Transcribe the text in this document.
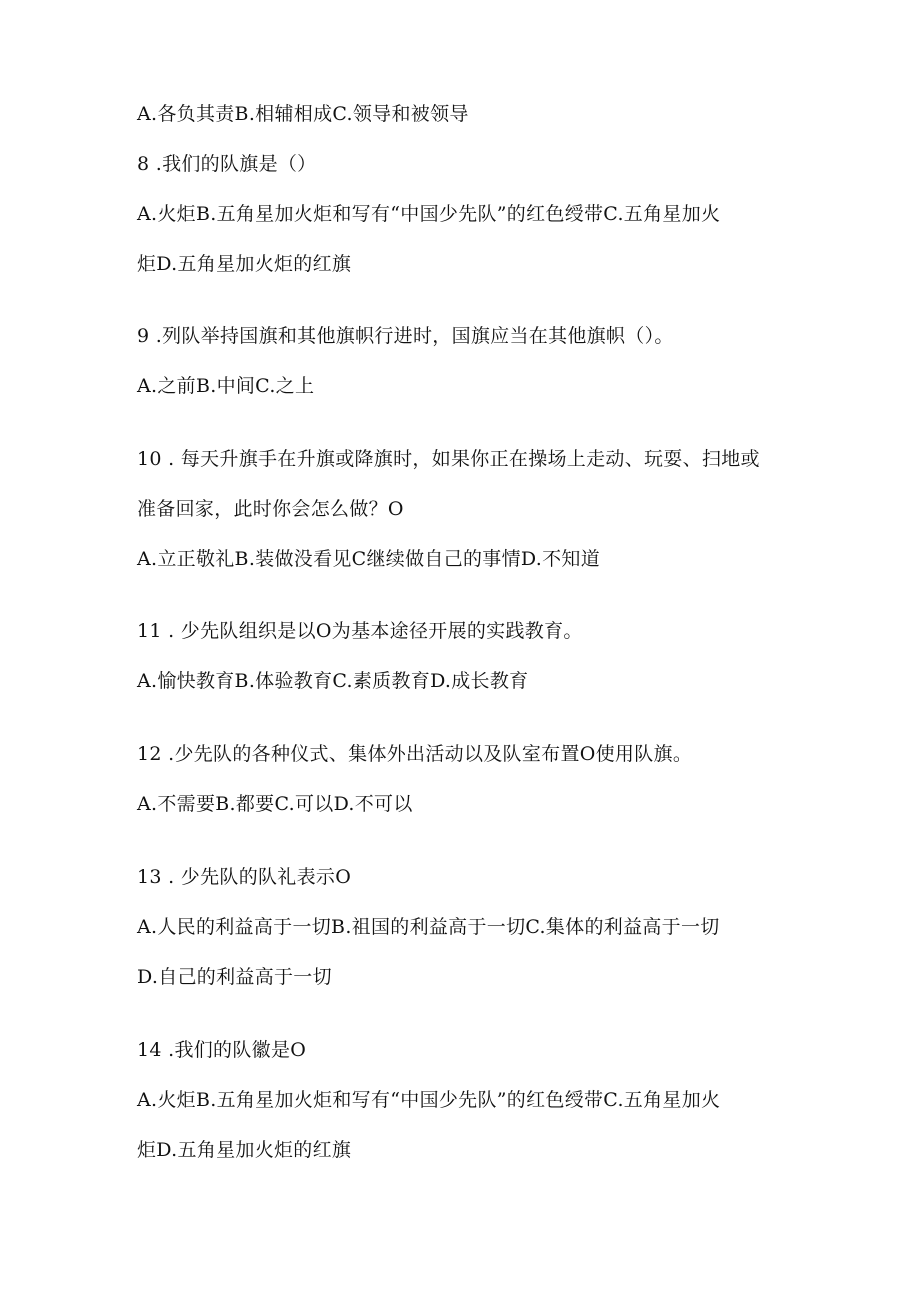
A.各负其责B.相辅相成C.领导和被领导
8 .我们的队旗是（）
A.火炬B.五角星加火炬和写有“中国少先队”的红色绶带C.五角星加火
炬D.五角星加火炬的红旗
9 .列队举持国旗和其他旗帜行进时，国旗应当在其他旗帜（）。
A.之前B.中间C.之上
10 . 每天升旗手在升旗或降旗时，如果你正在操场上走动、玩耍、扫地或
准备回家，此时你会怎么做？O
A.立正敬礼B.装做没看见C继续做自己的事情D.不知道
11 . 少先队组织是以O为基本途径开展的实践教育。
A.愉快教育B.体验教育C.素质教育D.成长教育
12 .少先队的各种仪式、集体外出活动以及队室布置O使用队旗。
A.不需要B.都要C.可以D.不可以
13 . 少先队的队礼表示O
A.人民的利益高于一切B.祖国的利益高于一切C.集体的利益高于一切
D.自己的利益高于一切
14 .我们的队徽是O
A.火炬B.五角星加火炬和写有“中国少先队”的红色绶带C.五角星加火
炬D.五角星加火炬的红旗
